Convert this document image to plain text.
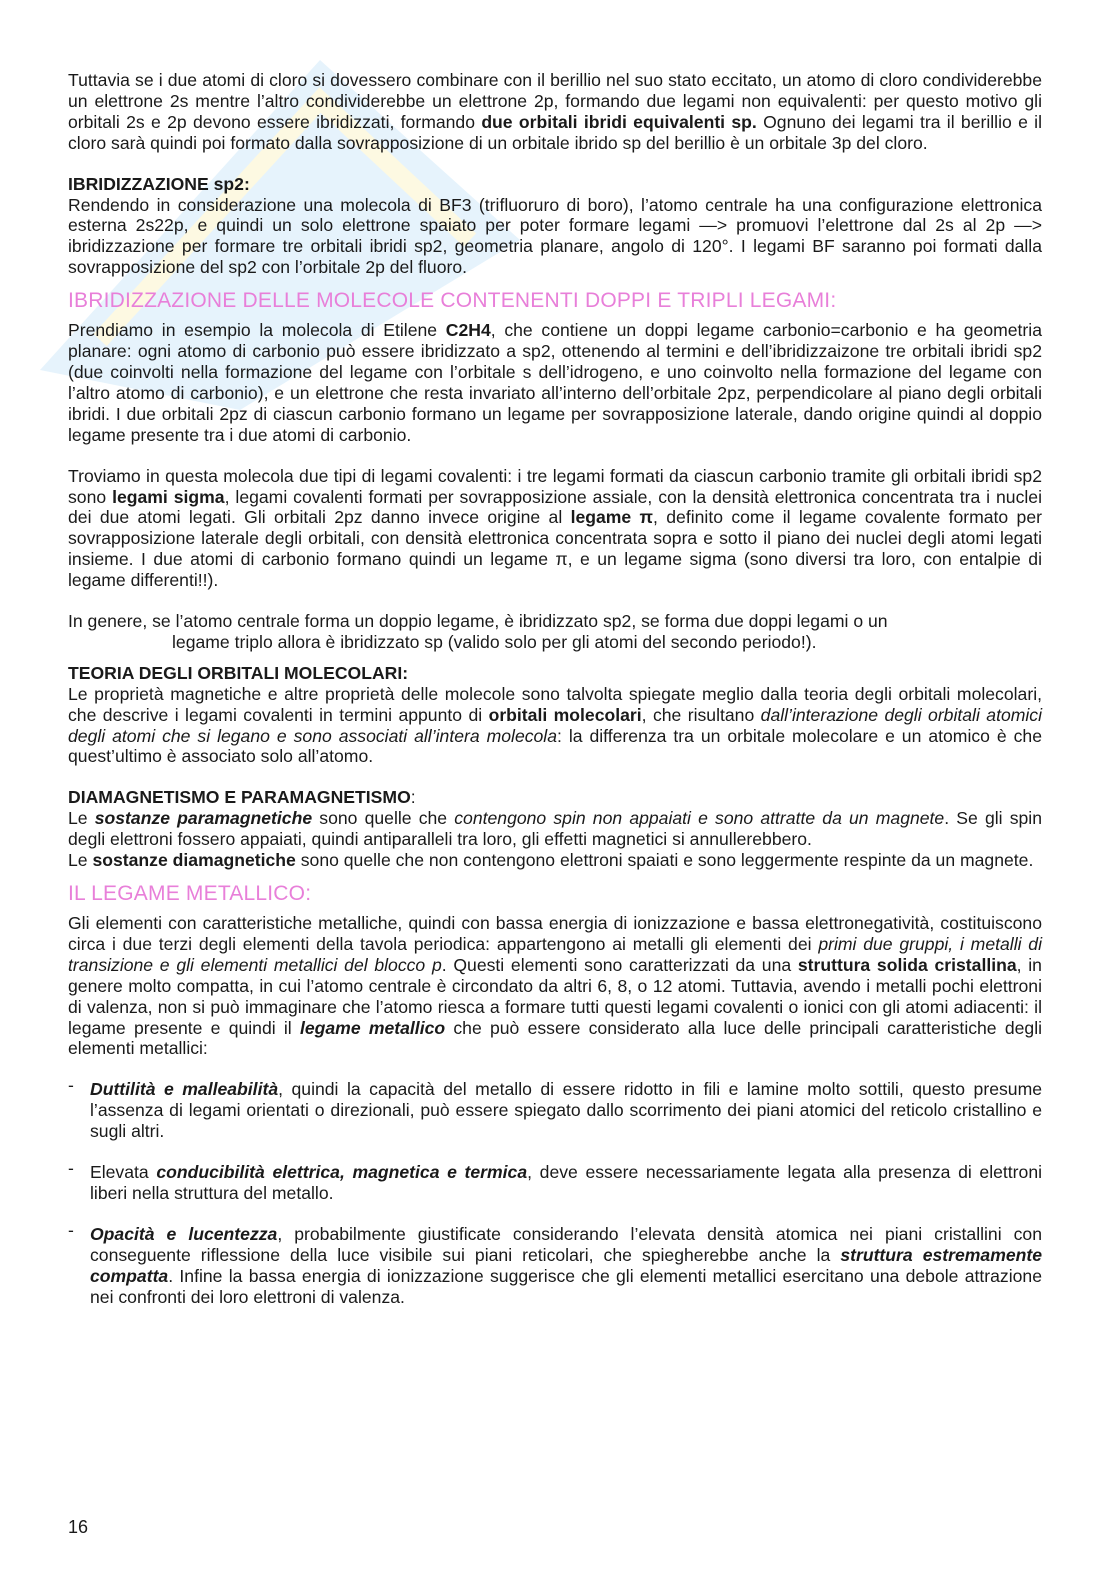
Tuttavia se i due atomi di cloro si dovessero combinare con il berillio nel suo stato eccitato, un atomo di cloro condividerebbe un elettrone 2s mentre l’altro condividerebbe un elettrone 2p, formando due legami non equivalenti: per questo motivo gli orbitali 2s e 2p devono essere ibridizzati, formando due orbitali ibridi equivalenti sp. Ognuno dei legami tra il berillio e il cloro sarà quindi poi formato dalla sovrapposizione di un orbitale ibrido sp del berillio è un orbitale 3p del cloro.

IBRIDIZZAZIONE sp2:

Rendendo in considerazione una molecola di BF3 (trifluoruro di boro), l’atomo centrale ha una configurazione elettronica esterna 2s22p, e quindi un solo elettrone spaiato per poter formare legami —> promuovi l’elettrone dal 2s al 2p —> ibridizzazione per formare tre orbitali ibridi sp2, geometria planare, angolo di 120°. I legami BF saranno poi formati dalla sovrapposizione del sp2 con l’orbitale 2p del fluoro.

IBRIDIZZAZIONE DELLE MOLECOLE CONTENENTI DOPPI E TRIPLI LEGAMI:

Prendiamo in esempio la molecola di Etilene C2H4, che contiene un doppi legame carbonio=carbonio e ha geometria planare: ogni atomo di carbonio può essere ibridizzato a sp2, ottenendo al termini e dell’ibridizzaizone tre orbitali ibridi sp2 (due coinvolti nella formazione del legame con l’orbitale s dell’idrogeno, e uno coinvolto nella formazione del legame con l’altro atomo di carbonio), e un elettrone che resta invariato all’interno dell’orbitale 2pz, perpendicolare al piano degli orbitali ibridi. I due orbitali 2pz di ciascun carbonio formano un legame per sovrapposizione laterale, dando origine quindi al doppio legame presente tra i due atomi di carbonio.

Troviamo in questa molecola due tipi di legami covalenti: i tre legami formati da ciascun carbonio tramite gli orbitali ibridi sp2 sono legami sigma, legami covalenti formati per sovrapposizione assiale, con la densità elettronica concentrata tra i nuclei dei due atomi legati. Gli orbitali 2pz danno invece origine al legame π, definito come il legame covalente formato per sovrapposizione laterale degli orbitali, con densità elettronica concentrata sopra e sotto il piano dei nuclei degli atomi legati insieme. I due atomi di carbonio formano quindi un legame π, e un legame sigma (sono diversi tra loro, con entalpie di legame differenti!!).

In genere, se l’atomo centrale forma un doppio legame, è ibridizzato sp2, se forma due doppi legami o un
legame triplo allora è ibridizzato sp (valido solo per gli atomi del secondo periodo!).

TEORIA DEGLI ORBITALI MOLECOLARI:

Le proprietà magnetiche e altre proprietà delle molecole sono talvolta spiegate meglio dalla teoria degli orbitali molecolari, che descrive i legami covalenti in termini appunto di orbitali molecolari, che risultano dall’interazione degli orbitali atomici degli atomi che si legano e sono associati all’intera molecola: la differenza tra un orbitale molecolare e un atomico è che quest’ultimo è associato solo all’atomo.

DIAMAGNETISMO E PARAMAGNETISMO:

Le sostanze paramagnetiche sono quelle che contengono spin non appaiati e sono attratte da un magnete. Se gli spin degli elettroni fossero appaiati, quindi antiparalleli tra loro, gli effetti magnetici si annullerebbero.

Le sostanze diamagnetiche sono quelle che non contengono elettroni spaiati e sono leggermente respinte da un magnete.

IL LEGAME METALLICO:

Gli elementi con caratteristiche metalliche, quindi con bassa energia di ionizzazione e bassa elettronegatività, costituiscono circa i due terzi degli elementi della tavola periodica: appartengono ai metalli gli elementi dei primi due gruppi, i metalli di transizione e gli elementi metallici del blocco p. Questi elementi sono caratterizzati da una struttura solida cristallina, in genere molto compatta, in cui l’atomo centrale è circondato da altri 6, 8, o 12 atomi. Tuttavia, avendo i metalli pochi elettroni di valenza, non si può immaginare che l’atomo riesca a formare tutti questi legami covalenti o ionici con gli atomi adiacenti: il legame presente e quindi il legame metallico che può essere considerato alla luce delle principali caratteristiche degli elementi metallici:

- Duttilità e malleabilità, quindi la capacità del metallo di essere ridotto in fili e lamine molto sottili, questo presume l’assenza di legami orientati o direzionali, può essere spiegato dallo scorrimento dei piani atomici del reticolo cristallino e sugli altri.
- Elevata conducibilità elettrica, magnetica e termica, deve essere necessariamente legata alla presenza di elettroni liberi nella struttura del metallo.
- Opacità e lucentezza, probabilmente giustificate considerando l’elevata densità atomica nei piani cristallini con conseguente riflessione della luce visibile sui piani reticolari, che spiegherebbe anche la struttura estremamente compatta. Infine la bassa energia di ionizzazione suggerisce che gli elementi metallici esercitano una debole attrazione nei confronti dei loro elettroni di valenza.
16
